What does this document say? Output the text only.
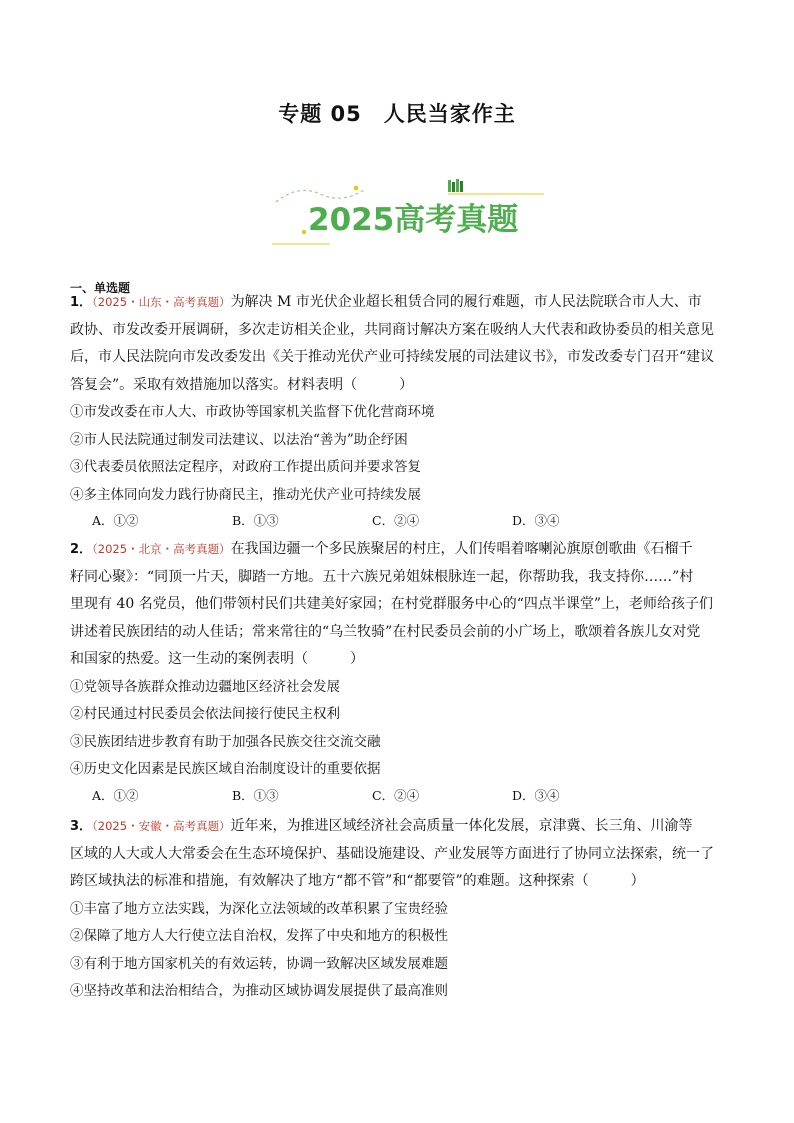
专题 05 人民当家作主
2025高考真题
一、单选题

1．（2025・山东・高考真题）为解决 M 市光伏企业超长租赁合同的履行难题，市人民法院联合市人大、市
政协、市发改委开展调研，多次走访相关企业，共同商讨解决方案在吸纳人大代表和政协委员的相关意见
后，市人民法院向市发改委发出《关于推动光伏产业可持续发展的司法建议书》，市发改委专门召开“建议
答复会”。采取有效措施加以落实。材料表明（　　　）

①市发改委在市人大、市政协等国家机关监督下优化营商环境

②市人民法院通过制发司法建议、以法治“善为”助企纾困

③代表委员依照法定程序，对政府工作提出质问并要求答复

④多主体同向发力践行协商民主，推动光伏产业可持续发展

A．①②	B．①③	C．②④	D．③④

2．（2025・北京・高考真题）在我国边疆一个多民族聚居的村庄，人们传唱着喀喇沁旗原创歌曲《石榴千
籽同心聚》：“同顶一片天，脚踏一方地。五十六族兄弟姐妹根脉连一起，你帮助我，我支持你……”村
里现有 40 名党员，他们带领村民们共建美好家园；在村党群服务中心的“四点半课堂”上，老师给孩子们
讲述着民族团结的动人佳话；常来常往的“乌兰牧骑”在村民委员会前的小广场上，歌颂着各族儿女对党
和国家的热爱。这一生动的案例表明（　　　）

①党领导各族群众推动边疆地区经济社会发展

②村民通过村民委员会依法间接行使民主权利

③民族团结进步教育有助于加强各民族交往交流交融

④历史文化因素是民族区域自治制度设计的重要依据

A．①②	B．①③	C．②④	D．③④

3．（2025・安徽・高考真题）近年来，为推进区域经济社会高质量一体化发展，京津冀、长三角、川渝等
区域的人大或人大常委会在生态环境保护、基础设施建设、产业发展等方面进行了协同立法探索，统一了
跨区域执法的标准和措施，有效解决了地方“都不管”和“都要管”的难题。这种探索（　　　）

①丰富了地方立法实践，为深化立法领域的改革积累了宝贵经验

②保障了地方人大行使立法自治权，发挥了中央和地方的积极性

③有利于地方国家机关的有效运转，协调一致解决区域发展难题

④坚持改革和法治相结合，为推动区域协调发展提供了最高准则
